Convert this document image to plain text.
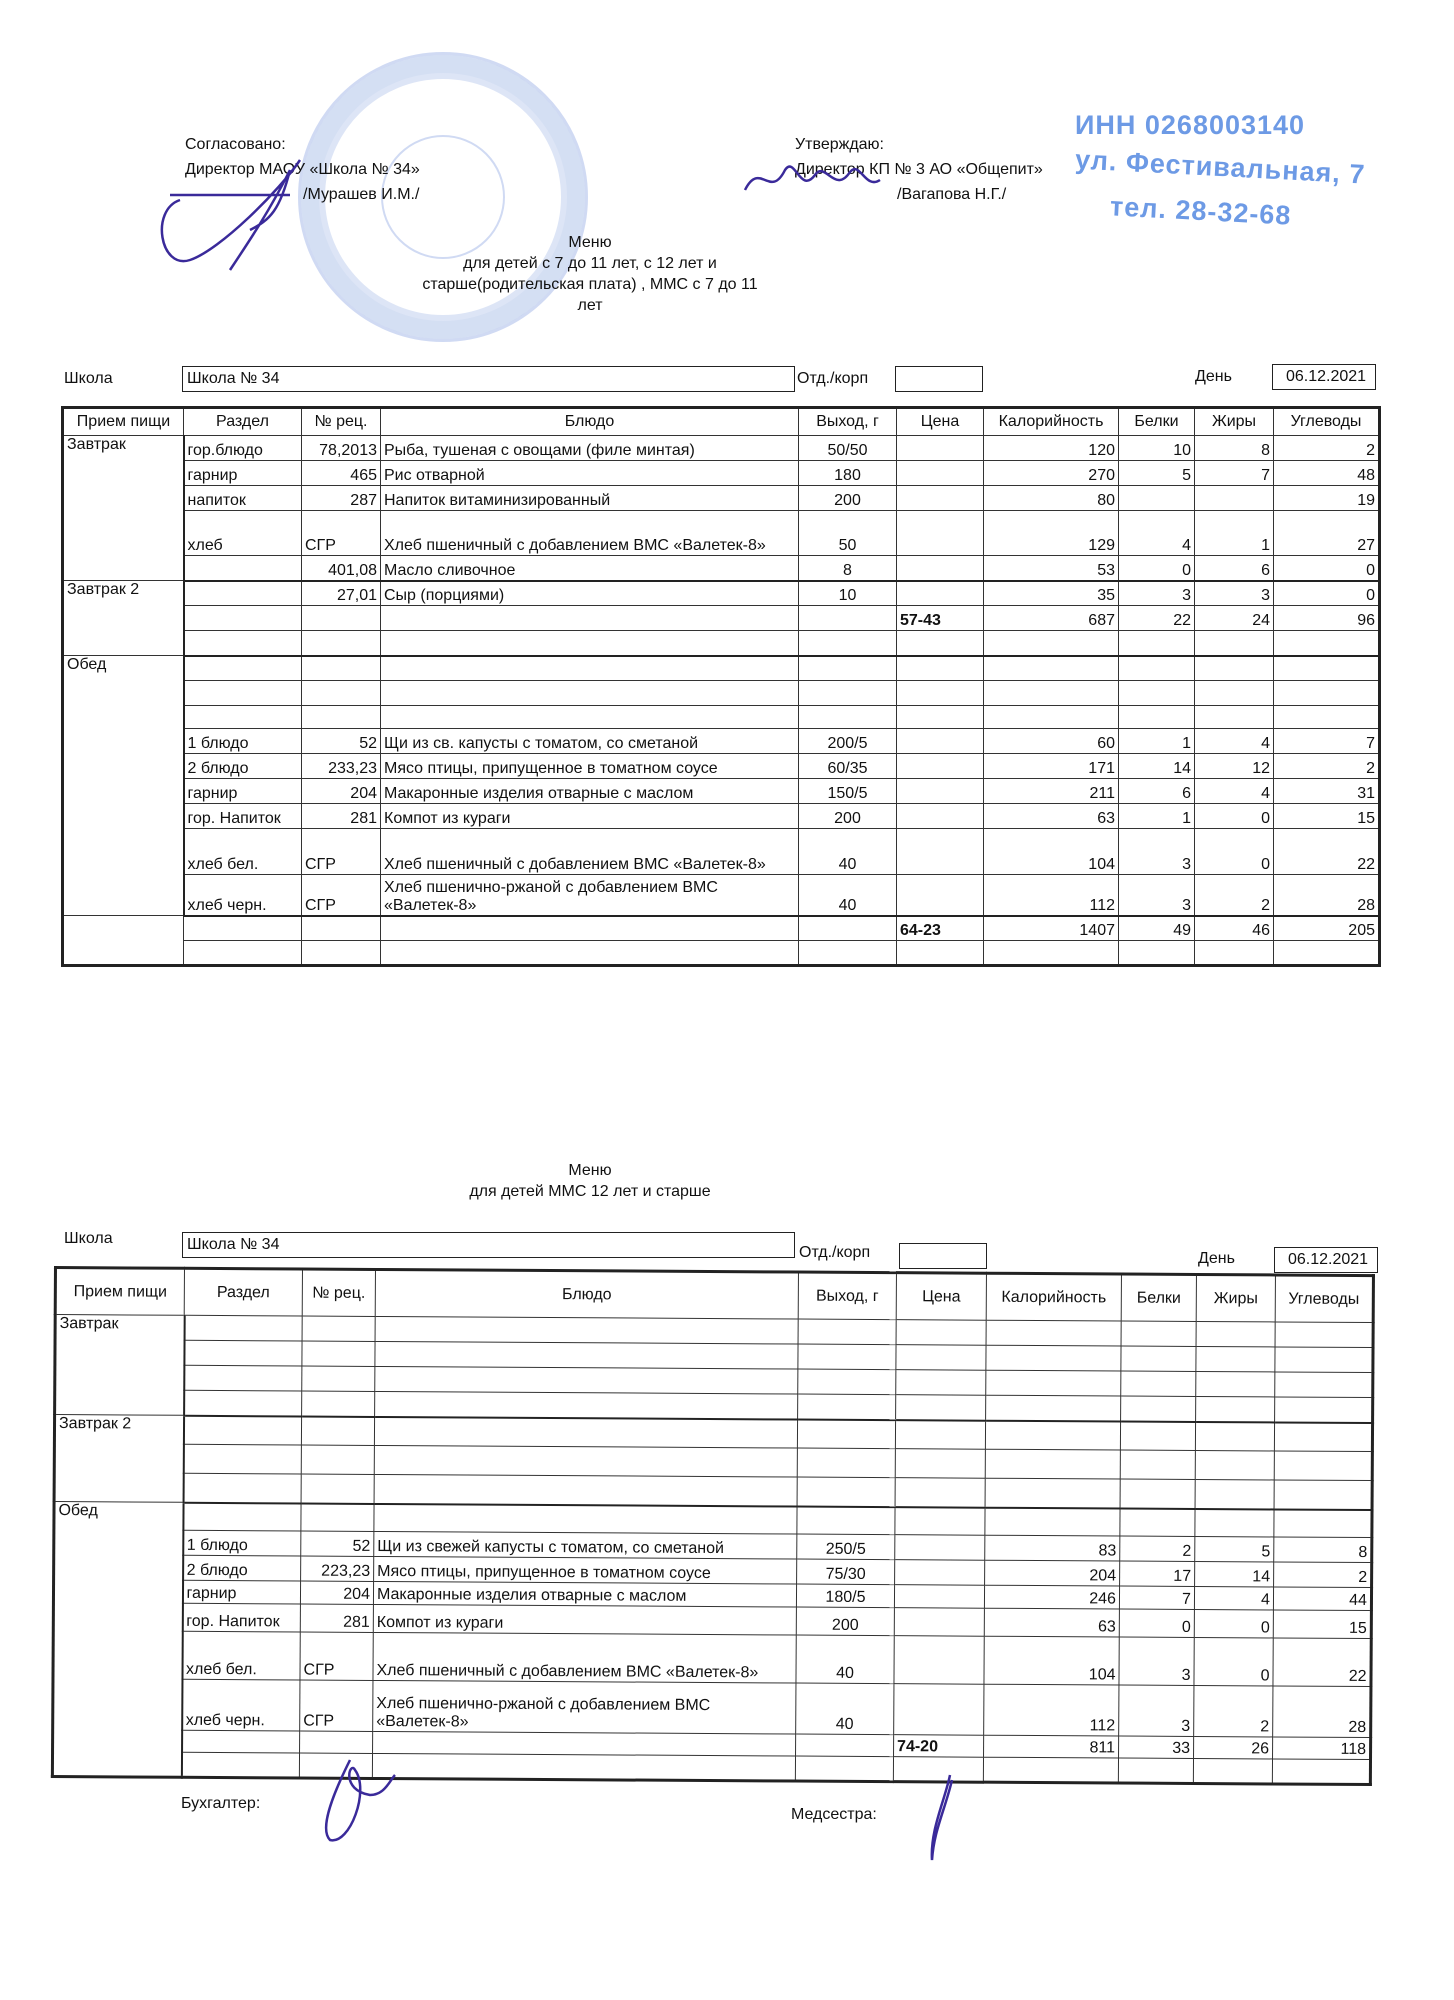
Согласовано:
Директор МАОУ «Школа № 34»
/Мурашев И.М./
Утверждаю:
Директор КП № 3 АО «Общепит»
/Вагапова Н.Г./
ИНН 0268003140
ул. Фестивальная, 7
тел. 28-32-68
Меню
для детей с 7 до 11 лет, с 12 лет и
старше(родительская плата) , ММС с 7 до 11
лет
Школа	Школа № 34	Отд./корп	День	06.12.2021
Прием пищи	Раздел	№ рец.	Блюдо	Выход, г	Цена	Калорийность	Белки	Жиры	Углеводы
Завтрак	гор.блюдо	78,2013	Рыба, тушеная с овощами (филе минтая)	50/50		120	10	8	2
	гарнир	465	Рис отварной	180		270	5	7	48
	напиток	287	Напиток витаминизированный	200		80			19
	хлеб	СГР	Хлеб пшеничный с добавлением ВМС «Валетек-8»	50		129	4	1	27
		401,08	Масло сливочное	8		53	0	6	0
Завтрак 2		27,01	Сыр (порциями)	10		35	3	3	0
					57-43	687	22	24	96

Обед									

	1 блюдо	52	Щи из св. капусты с томатом, со сметаной	200/5		60	1	4	7
	2 блюдо	233,23	Мясо птицы, припущенное в томатном соусе	60/35		171	14	12	2
	гарнир	204	Макаронные изделия отварные с маслом	150/5		211	6	4	31
	гор. Напиток	281	Компот из кураги	200		63	1	0	15
	хлеб бел.	СГР	Хлеб пшеничный с добавлением ВМС «Валетек-8»	40		104	3	0	22
	хлеб черн.	СГР	Хлеб пшенично-ржаной с добавлением ВМС «Валетек-8»	40		112	3	2	28
					64-23	1407	49	46	205

Меню
для детей ММС 12 лет и старше
Школа	Школа № 34	Отд./корп	День	06.12.2021
Прием пищи	Раздел	№ рец.	Блюдо	Выход, г	Цена	Калорийность	Белки	Жиры	Углеводы
Завтрак									

Завтрак 2									

Обед									
	1 блюдо	52	Щи из свежей капусты с томатом, со сметаной	250/5		83	2	5	8
	2 блюдо	223,23	Мясо птицы, припущенное в томатном соусе	75/30		204	17	14	2
	гарнир	204	Макаронные изделия отварные с маслом	180/5		246	7	4	44
	гор. Напиток	281	Компот из кураги	200		63	0	0	15
	хлеб бел.	СГР	Хлеб пшеничный с добавлением ВМС «Валетек-8»	40		104	3	0	22
	хлеб черн.	СГР	Хлеб пшенично-ржаной с добавлением ВМС «Валетек-8»	40		112	3	2	28
					74-20	811	33	26	118

Бухгалтер:
Медсестра:
